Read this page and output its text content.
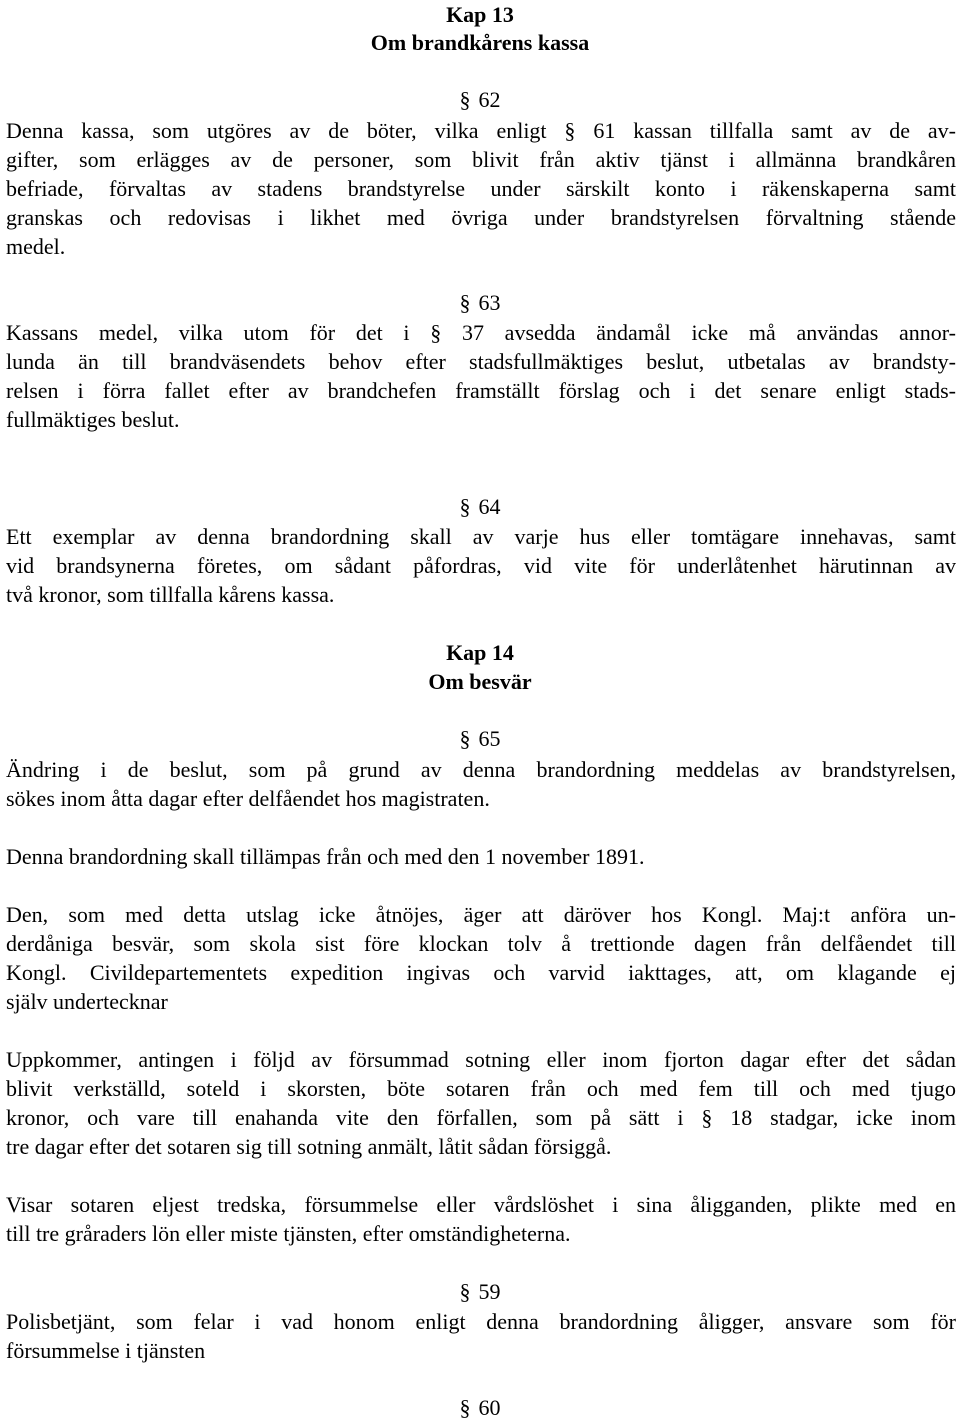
Kap 13
Om brandkårens kassa
§ 62
Denna kassa, som utgöres av de böter, vilka enligt § 61 kassan tillfalla samt av de av-
gifter, som erlägges av de personer, som blivit från aktiv tjänst i allmänna brandkåren
befriade, förvaltas av stadens brandstyrelse under särskilt konto i räkenskaperna samt
granskas och redovisas i likhet med övriga under brandstyrelsen förvaltning stående
medel.
§ 63
Kassans medel, vilka utom för det i § 37 avsedda ändamål icke må användas annor-
lunda än till brandväsendets behov efter stadsfullmäktiges beslut, utbetalas av brandsty-
relsen i förra fallet efter av brandchefen framställt förslag och i det senare enligt stads-
fullmäktiges beslut.
§ 64
Ett exemplar av denna brandordning skall av varje hus eller tomtägare innehavas, samt
vid brandsynerna företes, om sådant påfordras, vid vite för underlåtenhet härutinnan av
två kronor, som tillfalla kårens kassa.
Kap 14
Om besvär
§ 65
Ändring i de beslut, som på grund av denna brandordning meddelas av brandstyrelsen,
sökes inom åtta dagar efter delfåendet hos magistraten.
Denna brandordning skall tillämpas från och med den 1 november 1891.
Den, som med detta utslag icke åtnöjes, äger att däröver hos Kongl. Maj:t anföra un-
derdåniga besvär, som skola sist före klockan tolv å trettionde dagen från delfåendet till
Kongl. Civildepartementets expedition ingivas och varvid iakttages, att, om klagande ej
själv undertecknar
Uppkommer, antingen i följd av försummad sotning eller inom fjorton dagar efter det sådan
blivit verkställd, soteld i skorsten, böte sotaren från och med fem till och med tjugo
kronor, och vare till enahanda vite den förfallen, som på sätt i § 18 stadgar, icke inom
tre dagar efter det sotaren sig till sotning anmält, låtit sådan försiggå.
Visar sotaren eljest tredska, försummelse eller vårdslöshet i sina åligganden, plikte med en
till tre gråraders lön eller miste tjänsten, efter omständigheterna.
§ 59
Polisbetjänt, som felar i vad honom enligt denna brandordning åligger, ansvare som för
försummelse i tjänsten
§ 60
